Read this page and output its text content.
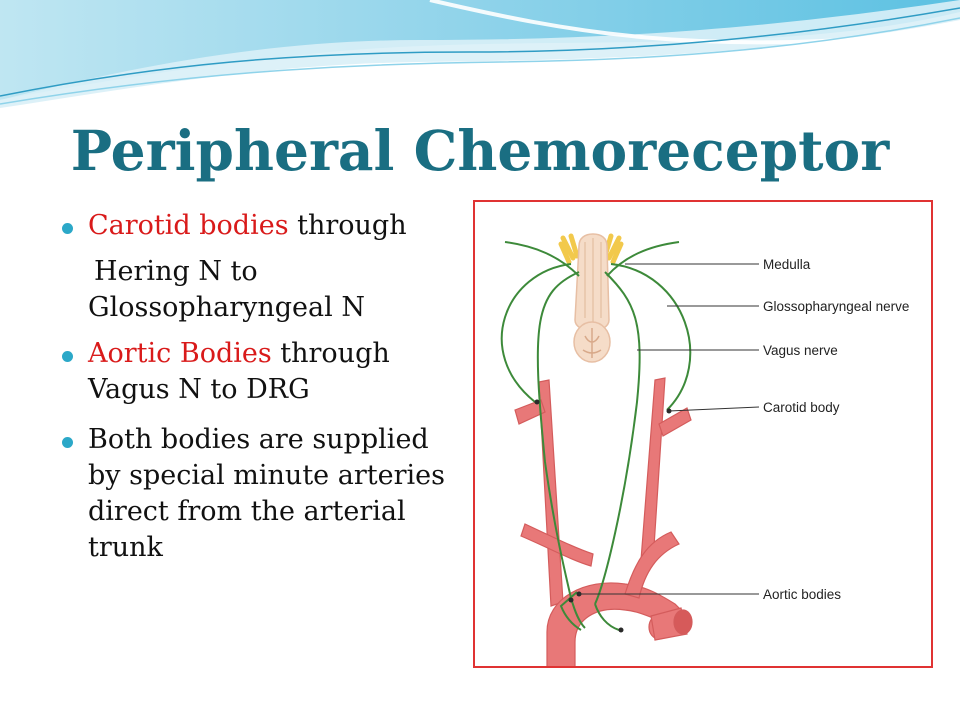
Peripheral Chemoreceptor

Carotid bodies through

Hering N to Glossopharyngeal N

Aortic Bodies through Vagus N to DRG

Both bodies are supplied by special minute arteries direct from the arterial trunk

Medulla
Glossopharyngeal nerve
Vagus nerve
Carotid body
Aortic bodies
